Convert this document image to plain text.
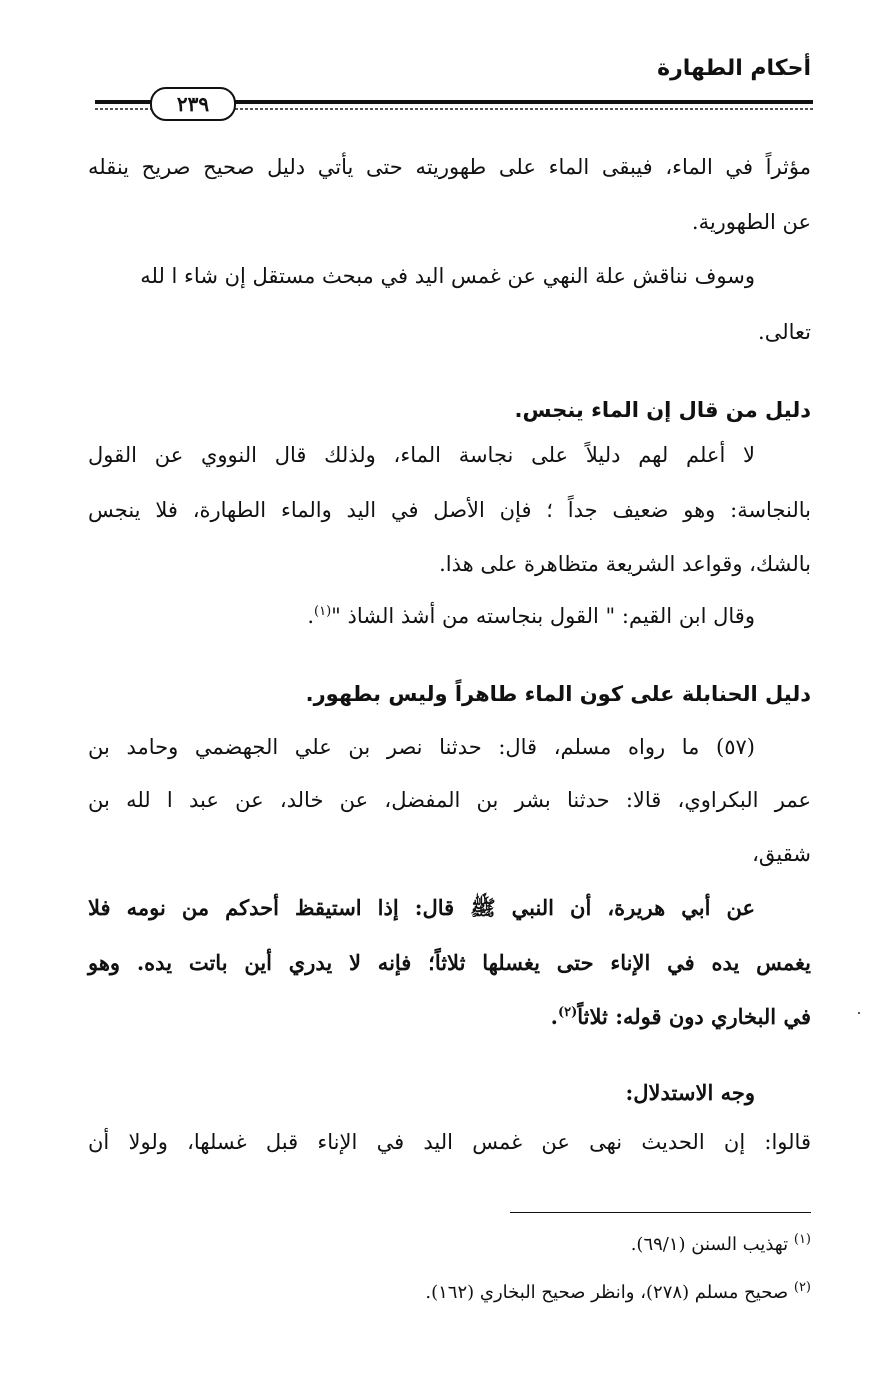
أحكام الطهارة
٢٣٩
مؤثراً في الماء، فيبقى الماء على طهوريته حتى يأتي دليل صحيح صريح ينقله
عن الطهورية.
وسوف نناقش علة النهي عن غمس اليد في مبحث مستقل إن شاء ا لله
تعالى.
دليل من قال إن الماء ينجس.
لا أعلم لهم دليلاً على نجاسة الماء، ولذلك قال النووي عن القول
بالنجاسة: وهو ضعيف جداً ؛ فإن الأصل في اليد والماء الطهارة، فلا ينجس
بالشك، وقواعد الشريعة متظاهرة على هذا.
وقال ابن القيم: " القول بنجاسته من أشذ الشاذ "$^{(١)}$.
دليل الحنابلة على كون الماء طاهراً وليس بطهور.
(٥٧) ما رواه مسلم، قال: حدثنا نصر بن علي الجهضمي وحامد بن
عمر البكراوي، قالا: حدثنا بشر بن المفضل، عن خالد، عن عبد ا لله بن
شقيق،
عن أبي هريرة، أن النبي ﷺ قال: إذا استيقظ أحدكم من نومه فلا
يغمس يده في الإناء حتى يغسلها ثلاثاً؛ فإنه لا يدري أين باتت يده. وهو
في البخاري دون قوله: ثلاثاً$^{(٢)}$.
وجه الاستدلال:
قالوا: إن الحديث نهى عن غمس اليد في الإناء قبل غسلها، ولولا أن
$^{(١)}$ تهذيب السنن (٦٩/١).
$^{(٢)}$ صحيح مسلم (٢٧٨)، وانظر صحيح البخاري (١٦٢).
